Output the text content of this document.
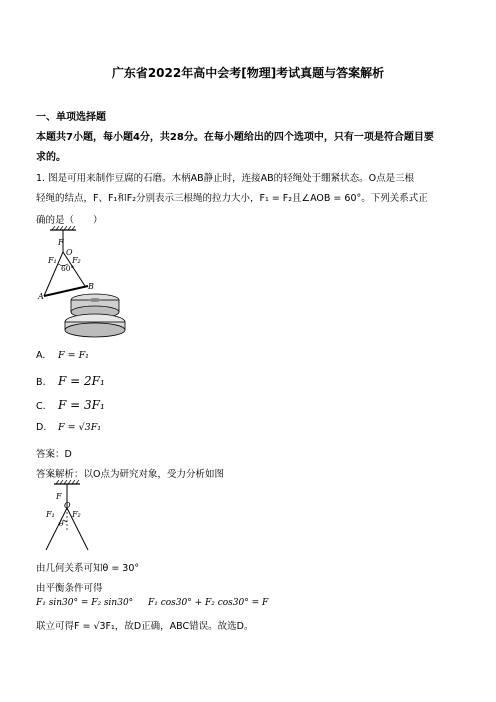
广东省2022年高中会考[物理]考试真题与答案解析
一、单项选择题
本题共7小题，每小题4分，共28分。在每小题给出的四个选项中，只有一项是符合题目要
求的。
1. 图是可用来制作豆腐的石磨。木柄AB静止时，连接AB的轻绳处于绷紧状态。O点是三根
轻绳的结点，F、F₁和F₂分别表示三根绳的拉力大小，F₁ = F₂且∠AOB = 60°。下列关系式正
确的是（　　）
F
O
F₁ F₂
60°
A
B
A. F = F₁
B. F = 2F₁
C. F = 3F₁
D. F = √3F₁
答案：D
答案解析：以O点为研究对象，受力分析如图
F
O
F₁ F₂
θ
由几何关系可知θ = 30°
由平衡条件可得
F₁ sin30° = F₂ sin30° F₁ cos30° + F₂ cos30° = F
联立可得F = √3F₁，故D正确，ABC错误。故选D。
